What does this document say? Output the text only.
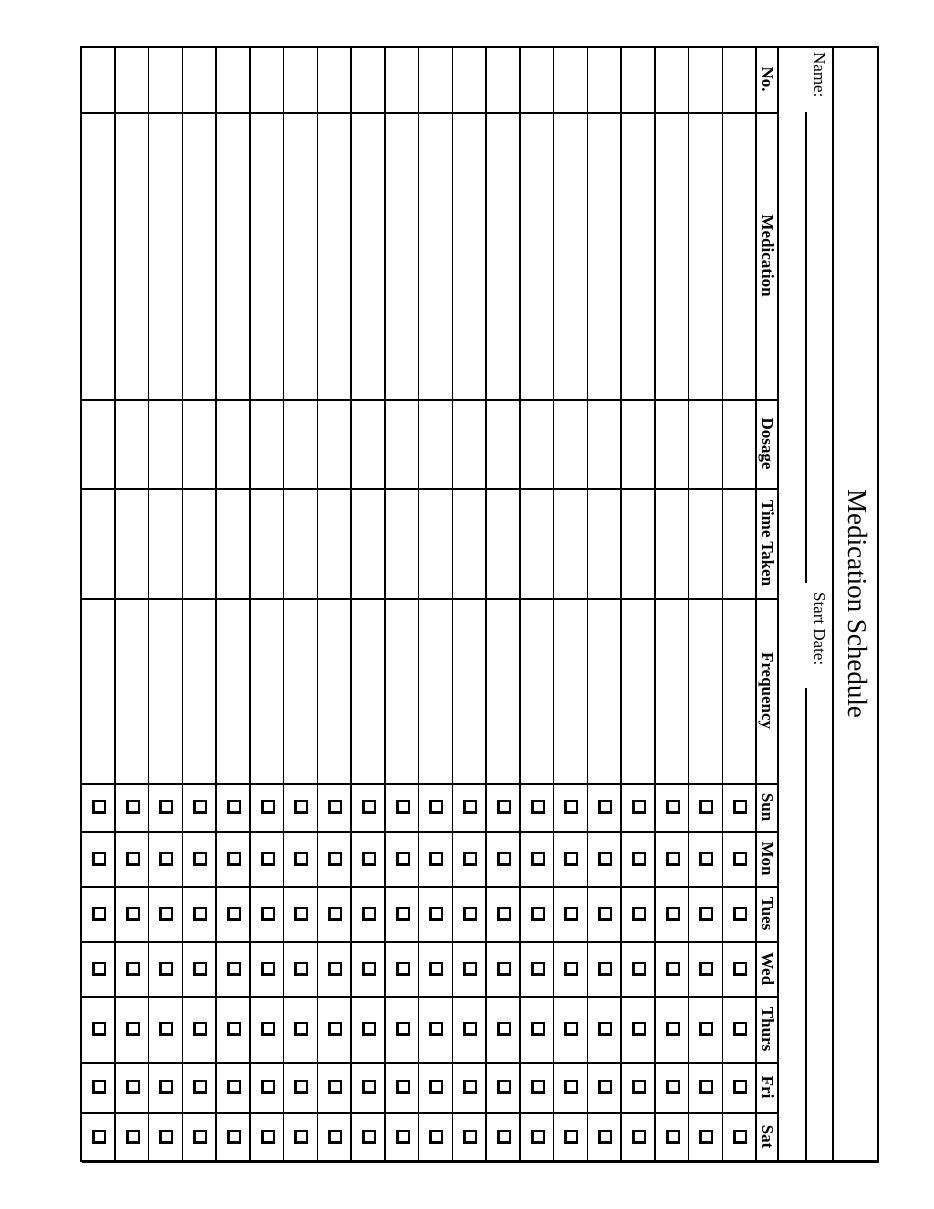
Medication Schedule
Name:
Start Date:
No.
Medication
Dosage
Time Taken
Frequency
Sun
Mon
Tues
Wed
Thurs
Fri
Sat
